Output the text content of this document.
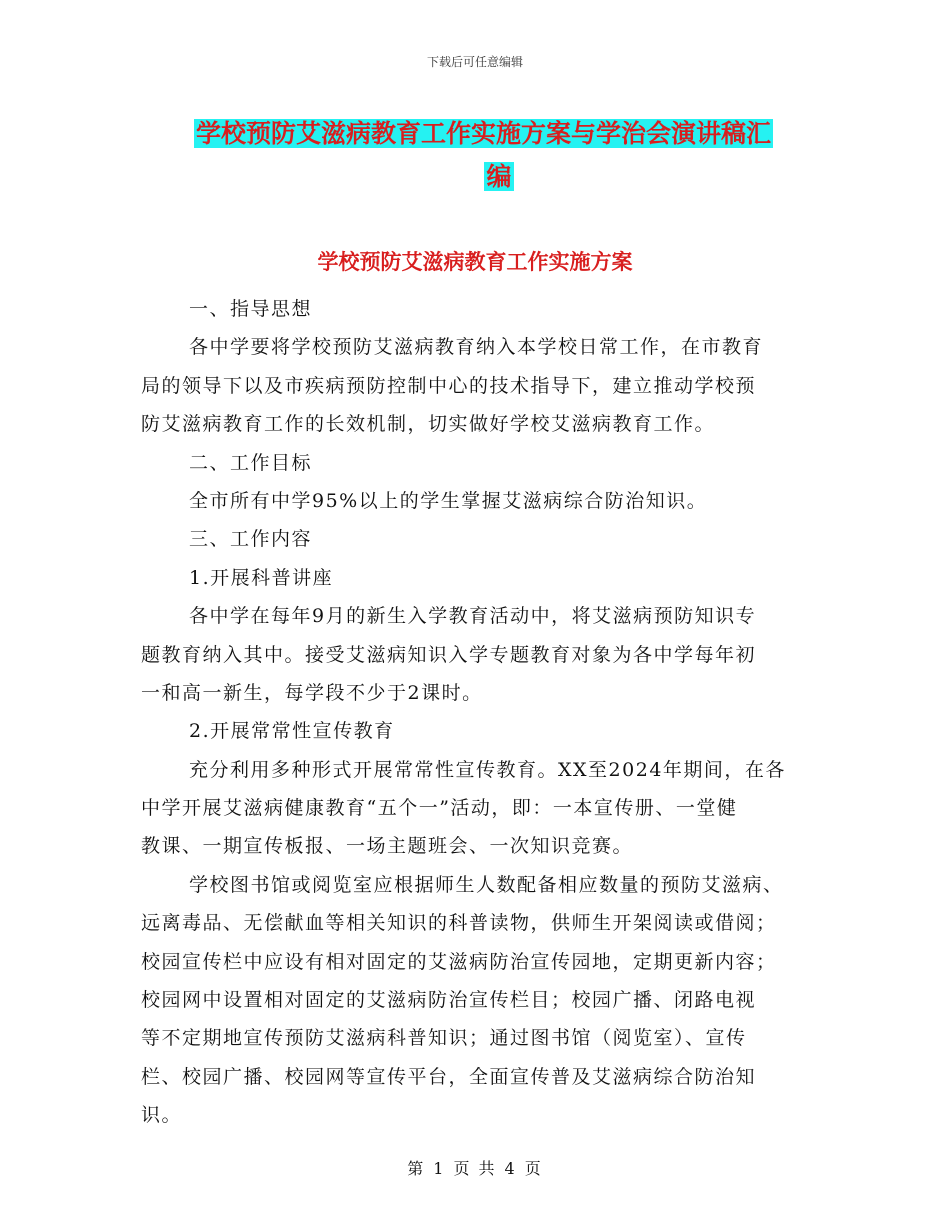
下载后可任意编辑
学校预防艾滋病教育工作实施方案与学治会演讲稿汇
编
学校预防艾滋病教育工作实施方案
一、指导思想
各中学要将学校预防艾滋病教育纳入本学校日常工作，在市教育
局的领导下以及市疾病预防控制中心的技术指导下，建立推动学校预
防艾滋病教育工作的长效机制，切实做好学校艾滋病教育工作。
二、工作目标
全市所有中学95%以上的学生掌握艾滋病综合防治知识。
三、工作内容
1.开展科普讲座
各中学在每年9月的新生入学教育活动中，将艾滋病预防知识专
题教育纳入其中。接受艾滋病知识入学专题教育对象为各中学每年初
一和高一新生，每学段不少于2课时。
2.开展常常性宣传教育
充分利用多种形式开展常常性宣传教育。XX至2024年期间，在各
中学开展艾滋病健康教育“五个一”活动，即：一本宣传册、一堂健
教课、一期宣传板报、一场主题班会、一次知识竞赛。
学校图书馆或阅览室应根据师生人数配备相应数量的预防艾滋病、
远离毒品、无偿献血等相关知识的科普读物，供师生开架阅读或借阅；
校园宣传栏中应设有相对固定的艾滋病防治宣传园地，定期更新内容；
校园网中设置相对固定的艾滋病防治宣传栏目；校园广播、闭路电视
等不定期地宣传预防艾滋病科普知识；通过图书馆（阅览室）、宣传
栏、校园广播、校园网等宣传平台，全面宣传普及艾滋病综合防治知
识。
第 1 页 共 4 页
